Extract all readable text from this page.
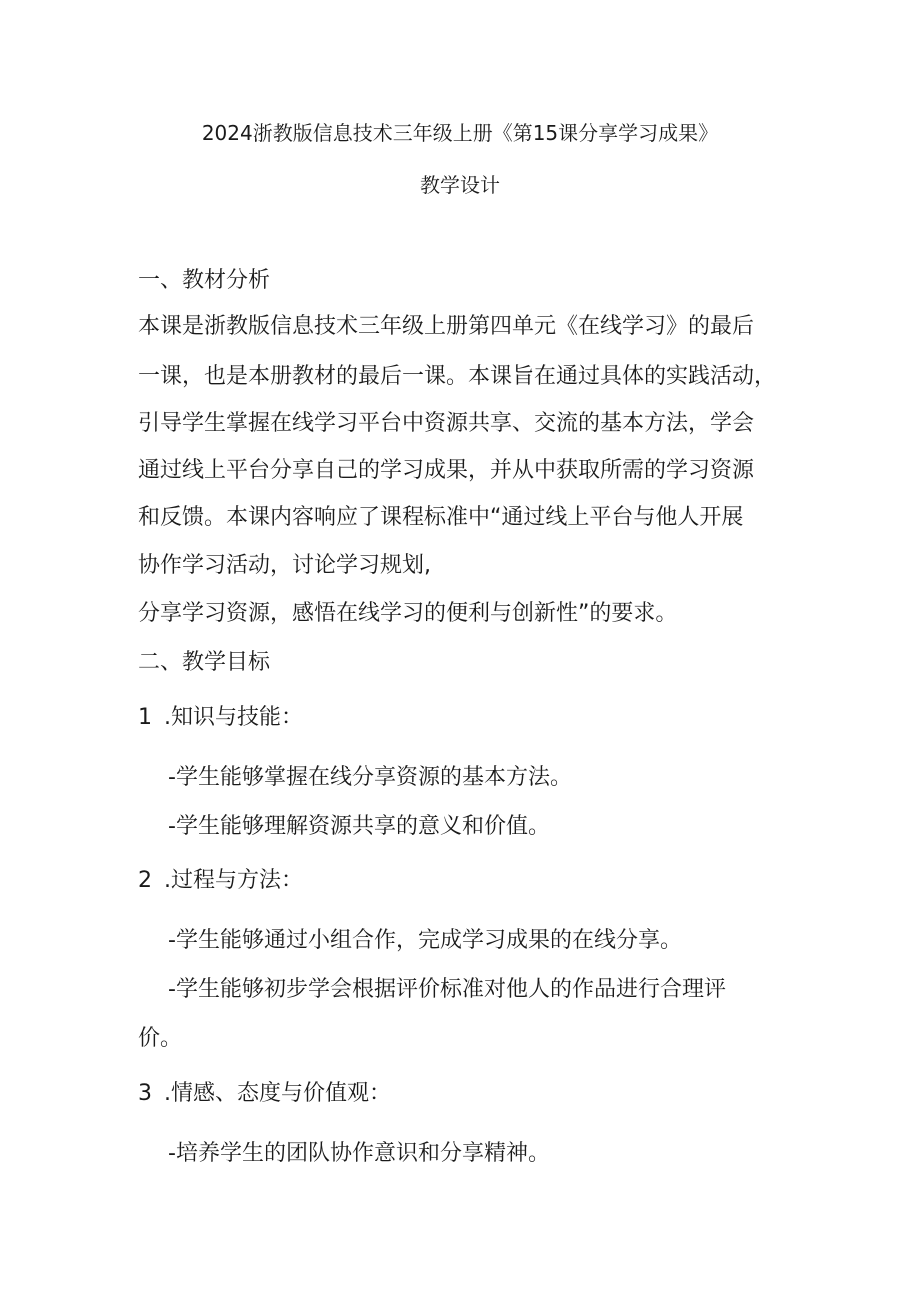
2024浙教版信息技术三年级上册《第15课分享学习成果》
教学设计

一、教材分析

本课是浙教版信息技术三年级上册第四单元《在线学习》的最后

一课，也是本册教材的最后一课。本课旨在通过具体的实践活动，

引导学生掌握在线学习平台中资源共享、交流的基本方法，学会

通过线上平台分享自己的学习成果，并从中获取所需的学习资源

和反馈。本课内容响应了课程标准中“通过线上平台与他人开展

协作学习活动，讨论学习规划,

分享学习资源，感悟在线学习的便利与创新性”的要求。

二、教学目标

1 .知识与技能：

-学生能够掌握在线分享资源的基本方法。

-学生能够理解资源共享的意义和价值。

2 .过程与方法：

-学生能够通过小组合作，完成学习成果的在线分享。

-学生能够初步学会根据评价标准对他人的作品进行合理评

价。

3 .情感、态度与价值观：

-培养学生的团队协作意识和分享精神。
